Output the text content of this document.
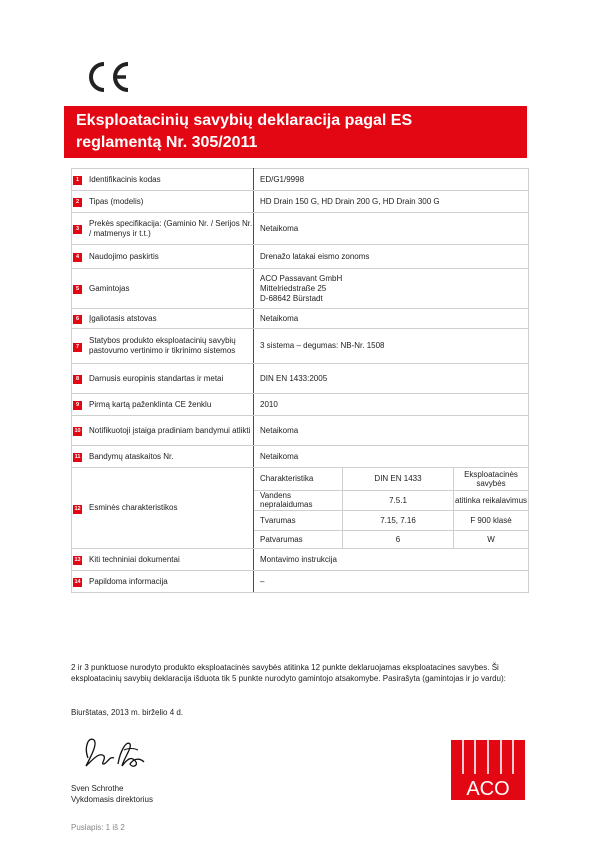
Eksploatacinių savybių deklaracija pagal ES
reglamentą Nr. 305/2011
1	Identifikacinis kodas	ED/G1/9998
2	Tipas (modelis)	HD Drain 150 G, HD Drain 200 G, HD Drain 300 G
3	Prekės specifikacija: (Gaminio Nr. / Serijos Nr. / matmenys ir t.t.)	Netaikoma
4	Naudojimo paskirtis	Drenažo latakai eismo zonoms
5	Gamintojas	
ACO Passavant GmbH
Mittelriedstraße 25
D-68642 Bürstadt

6	Įgaliotasis atstovas	Netaikoma
7	Statybos produkto eksploatacinių savybių pastovumo vertinimo ir tikrinimo sistemos	3 sistema – degumas: NB-Nr. 1508
8	Darnusis europinis standartas ir metai	DIN EN 1433:2005
9	Pirmą kartą paženklinta CE ženklu	2010
10	Notifikuotoji įstaiga pradiniam bandymui atlikti	Netaikoma
11	Bandymų ataskaitos Nr.	Netaikoma
12	Esminės charakteristikos	
Charakteristika	DIN EN 1433	Eksploatacinės savybės
Vandens nepralaidumas	7.5.1	atitinka reikalavimus
Tvarumas	7.15, 7.16	F 900 klasė
Patvarumas	6	W

13	Kiti techniniai dokumentai	Montavimo instrukcija
14	Papildoma informacija	–
2 ir 3 punktuose nurodyto produkto eksploatacinės savybės atitinka 12 punkte deklaruojamas eksploatacines savybes. Ši eksploatacinių savybių deklaracija išduota tik 5 punkte nurodyto gamintojo atsakomybe. Pasirašyta (gamintojas ir jo vardu):
Biurštatas, 2013 m. birželio 4 d.
Sven Schrothe
Vykdomasis direktorius	ACO
Puslapis: 1 iš 2
